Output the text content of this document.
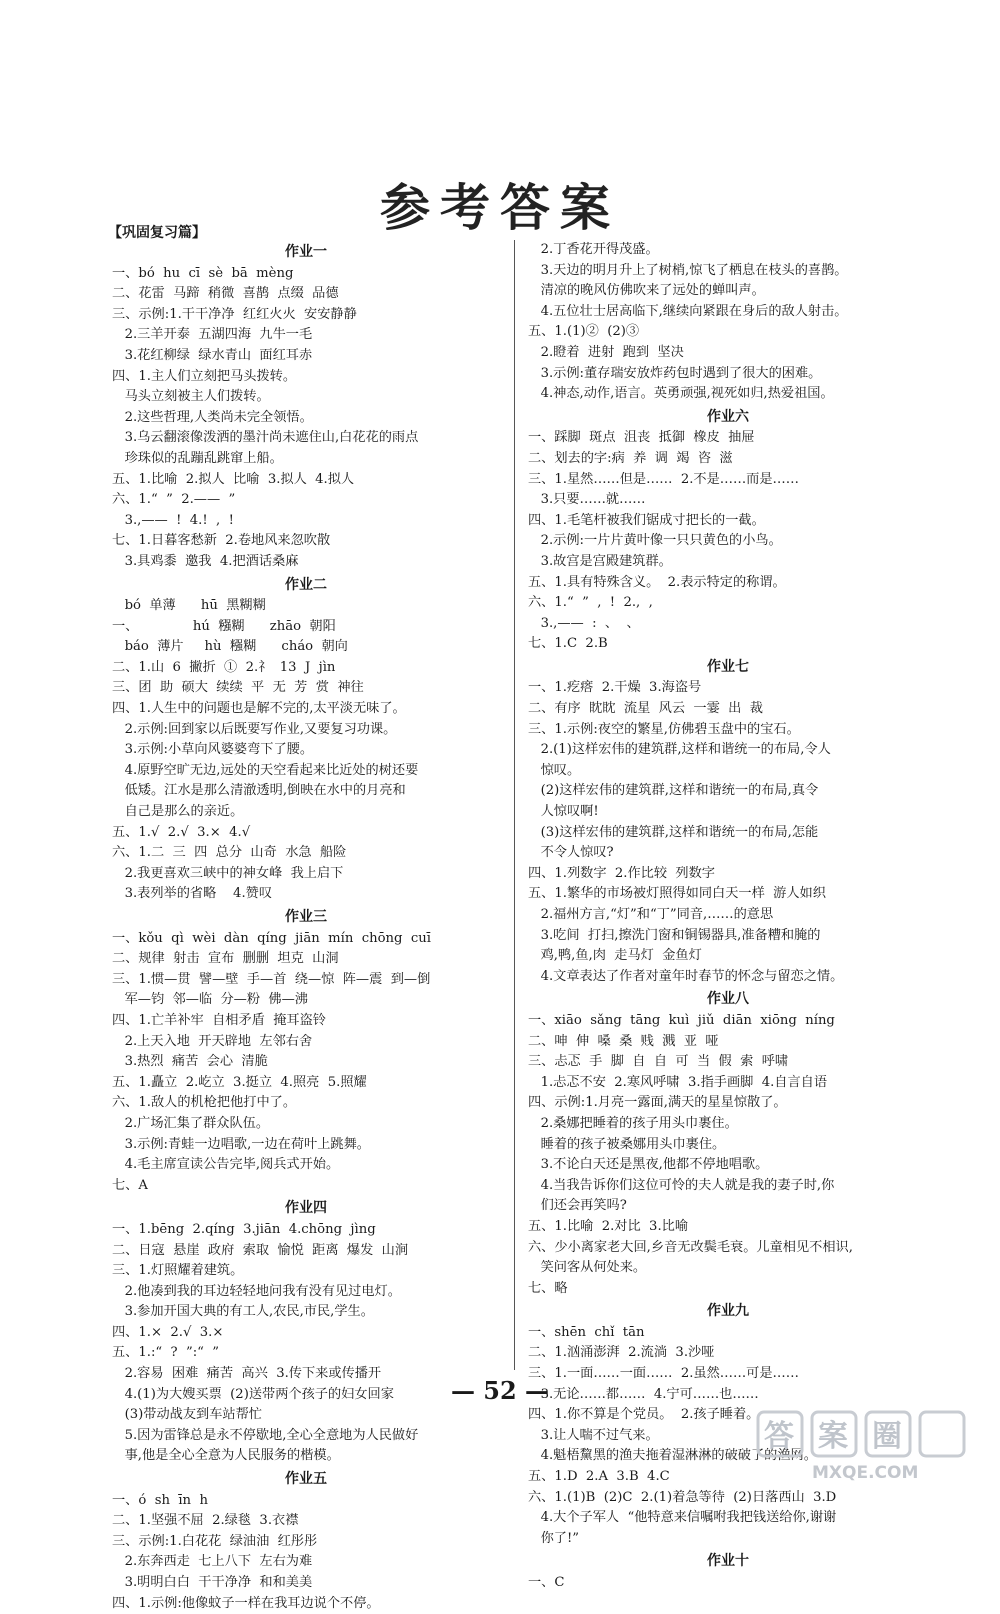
参考答案
【巩固复习篇】
作业一
一、bó  hu  cī  sè  bā  mèng
二、花雷  马蹄  稍微  喜鹊  点缀  品德
三、示例:1.干干净净  红红火火  安安静静
2.三羊开泰  五湖四海  九牛一毛
3.花红柳绿  绿水青山  面红耳赤
四、1.主人们立刻把马头拨转。
马头立刻被主人们拨转。
2.这些哲理,人类尚未完全领悟。
3.乌云翻滚像泼洒的墨汁尚未遮住山,白花花的雨点
珍珠似的乱蹦乱跳窜上船。
五、1.比喻  2.拟人  比喻  3.拟人  4.拟人
六、1.“  ”  2.——  ”
3.,——  !  4.!  ,  !
七、1.日暮客愁新  2.卷地风来忽吹散
3.具鸡黍  邀我  4.把酒话桑麻
作业二
bó  单薄      hū  黑糊糊
一、             hú  糨糊      zhāo  朝阳
báo  薄片     hù  糨糊      cháo  朝向
二、1.山  6  撇折  ①  2.礻  13  J  jìn
三、团  助  硕大  续续  平  无  芳  赏  神往
四、1.人生中的问题也是解不完的,太平淡无味了。
2.示例:回到家以后既要写作业,又要复习功课。
3.示例:小草向风婆婆弯下了腰。
4.原野空旷无边,远处的天空看起来比近处的树还要
低矮。江水是那么清澈透明,倒映在水中的月亮和
自己是那么的亲近。
五、1.√  2.√  3.×  4.√
六、1.二  三  四  总分  山奇  水急  船险
2.我更喜欢三峡中的神女峰  我上启下
3.表列举的省略    4.赞叹
作业三
一、kǒu  qì  wèi  dàn  qíng  jiān  mín  chōng  cuī
二、规律  射击  宣布  删删  坦克  山洞
三、1.惯—贯  譬—壁  手—首  绕—惊  阵—震  到—倒
军—钧  邻—临  分—粉  佛—沸
四、1.亡羊补牢  自相矛盾  掩耳盗铃
2.上天入地  开天辟地  左邻右舍
3.热烈  痛苦  会心  清脆
五、1.矗立  2.屹立  3.挺立  4.照亮  5.照耀
六、1.敌人的机枪把他打中了。
2.广场汇集了群众队伍。
3.示例:青蛙一边唱歌,一边在荷叶上跳舞。
4.毛主席宣读公告完毕,阅兵式开始。
七、A
作业四
一、1.bēng  2.qíng  3.jiān  4.chōng  jìng
二、日寇  悬崖  政府  索取  愉悦  距离  爆发  山涧
三、1.灯照耀着建筑。
2.他凑到我的耳边轻轻地问我有没有见过电灯。
3.参加开国大典的有工人,农民,市民,学生。
四、1.×  2.√  3.×
五、1.:“  ?  ”:“  ”
2.容易  困难  痛苦  高兴  3.传下来或传播开
4.(1)为大嫂买票  (2)送带两个孩子的妇女回家
(3)带动战友到车站帮忙
5.因为雷锋总是永不停歇地,全心全意地为人民做好
事,他是全心全意为人民服务的楷模。
作业五
一、ó  sh  īn  h
二、1.坚强不屈  2.绿毯  3.衣襟
三、示例:1.白花花  绿油油  红彤彤
2.东奔西走  七上八下  左右为难
3.明明白白  干干净净  和和美美
四、1.示例:他像蚊子一样在我耳边说个不停。
2.丁香花开得茂盛。
3.天边的明月升上了树梢,惊飞了栖息在枝头的喜鹊。
清凉的晚风仿佛吹来了远处的蝉叫声。
4.五位壮士居高临下,继续向紧跟在身后的敌人射击。
五、1.(1)②  (2)③
2.瞪着  进射  跑到  坚决
3.示例:董存瑞安放炸药包时遇到了很大的困难。
4.神态,动作,语言。英勇顽强,视死如归,热爱祖国。
作业六
一、踩脚  斑点  沮丧  抵御  橡皮  抽屉
二、划去的字:病  养  调  竭  咨  滋
三、1.星然……但是……  2.不是……而是……
3.只要……就……
四、1.毛笔杆被我们锯成寸把长的一截。
2.示例:一片片黄叶像一只只黄色的小鸟。
3.故宫是宫殿建筑群。
五、1.具有特殊含义。  2.表示特定的称谓。
六、1.“  ”  ,  !  2.,  ,
3.,——  :  、  、
七、1.C  2.B
作业七
一、1.疙瘩  2.干燥  3.海盗号
二、有序  眈眈  流星  风云  一霎  出  裁
三、1.示例:夜空的繁星,仿佛碧玉盘中的宝石。
2.(1)这样宏伟的建筑群,这样和谐统一的布局,令人
惊叹。
(2)这样宏伟的建筑群,这样和谐统一的布局,真令
人惊叹啊!
(3)这样宏伟的建筑群,这样和谐统一的布局,怎能
不令人惊叹?
四、1.列数字  2.作比较  列数字
五、1.繁华的市场被灯照得如同白天一样  游人如织
2.福州方言,“灯”和“丁”同音,……的意思
3.吃间  打扫,擦洗门窗和铜锡器具,准备糟和腌的
鸡,鸭,鱼,肉  走马灯  金鱼灯
4.文章表达了作者对童年时春节的怀念与留恋之情。
作业八
一、xiāo  sǎng  tāng  kuì  jiǔ  diān  xiōng  níng
二、呻  伸  嗓  桑  贱  溅  亚  哑
三、忐忑  手  脚  自  自  可  当  假  索  呼啸
1.忐忑不安  2.寒风呼啸  3.指手画脚  4.自言自语
四、示例:1.月亮一露面,满天的星星惊散了。
2.桑娜把睡着的孩子用头巾裹住。
睡着的孩子被桑娜用头巾裹住。
3.不论白天还是黑夜,他都不停地唱歌。
4.当我告诉你们这位可怜的夫人就是我的妻子时,你
们还会再笑吗?
五、1.比喻  2.对比  3.比喻
六、少小离家老大回,乡音无改鬓毛衰。儿童相见不相识,
笑问客从何处来。
七、略
作业九
一、shēn  chǐ  tān
二、1.汹涌澎湃  2.流淌  3.沙哑
三、1.一面……一面……  2.虽然……可是……
3.无论……都……  4.宁可……也……
四、1.你不算是个党员。  2.孩子睡着。
3.让人喘不过气来。
4.魁梧黧黑的渔夫拖着湿淋淋的破破了的渔网。
五、1.D  2.A  3.B  4.C
六、1.(1)B  (2)C  2.(1)着急等待  (2)日落西山  3.D
4.大个子军人  “他特意来信嘱咐我把钱送给你,谢谢
你了!”
作业十
一、C
— 52 —
答 案 圈
MXQE.COM
